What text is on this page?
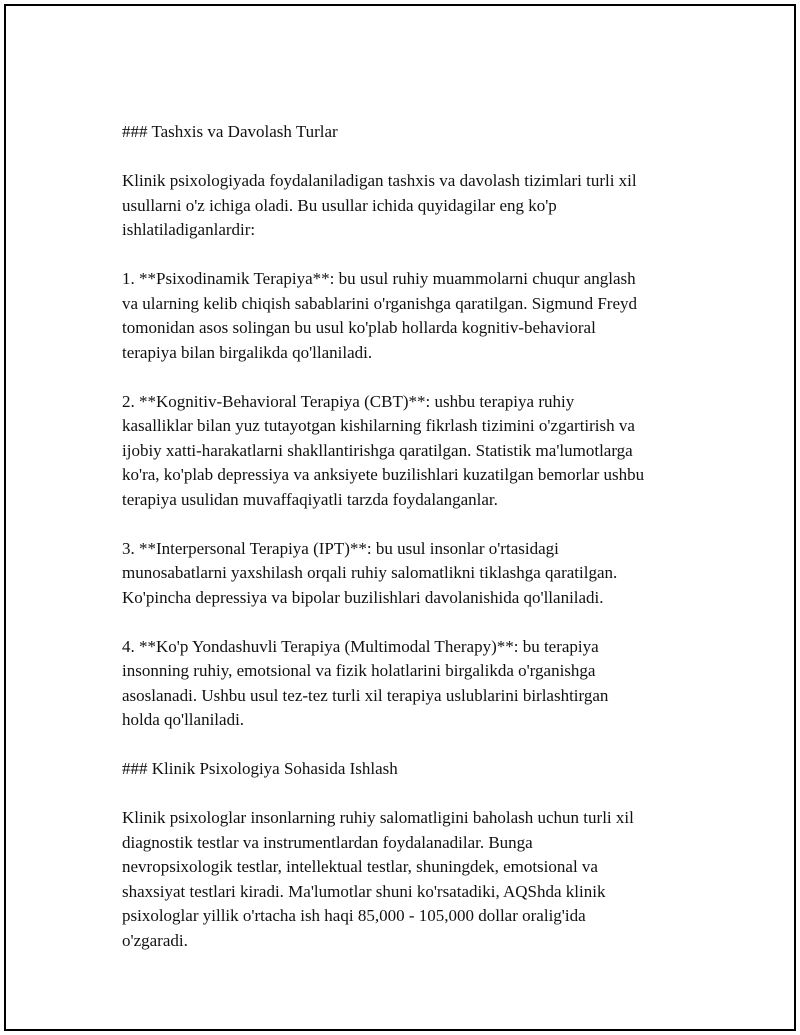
### Tashxis va Davolash Turlar

Klinik psixologiyada foydalaniladigan tashxis va davolash tizimlari turli xil
usullarni o'z ichiga oladi. Bu usullar ichida quyidagilar eng ko'p
ishlatiladiganlardir:

1. **Psixodinamik Terapiya**: bu usul ruhiy muammolarni chuqur anglash
va ularning kelib chiqish sabablarini o'rganishga qaratilgan. Sigmund Freyd
tomonidan asos solingan bu usul ko'plab hollarda kognitiv-behavioral
terapiya bilan birgalikda qo'llaniladi.

2. **Kognitiv-Behavioral Terapiya (CBT)**: ushbu terapiya ruhiy
kasalliklar bilan yuz tutayotgan kishilarning fikrlash tizimini o'zgartirish va
ijobiy xatti-harakatlarni shakllantirishga qaratilgan. Statistik ma'lumotlarga
ko'ra, ko'plab depressiya va anksiyete buzilishlari kuzatilgan bemorlar ushbu
terapiya usulidan muvaffaqiyatli tarzda foydalanganlar.

3. **Interpersonal Terapiya (IPT)**: bu usul insonlar o'rtasidagi
munosabatlarni yaxshilash orqali ruhiy salomatlikni tiklashga qaratilgan.
Ko'pincha depressiya va bipolar buzilishlari davolanishida qo'llaniladi.

4. **Ko'p Yondashuvli Terapiya (Multimodal Therapy)**: bu terapiya
insonning ruhiy, emotsional va fizik holatlarini birgalikda o'rganishga
asoslanadi. Ushbu usul tez-tez turli xil terapiya uslublarini birlashtirgan
holda qo'llaniladi.

### Klinik Psixologiya Sohasida Ishlash

Klinik psixologlar insonlarning ruhiy salomatligini baholash uchun turli xil
diagnostik testlar va instrumentlardan foydalanadilar. Bunga
nevropsixologik testlar, intellektual testlar, shuningdek, emotsional va
shaxsiyat testlari kiradi. Ma'lumotlar shuni ko'rsatadiki, AQShda klinik
psixologlar yillik o'rtacha ish haqi 85,000 - 105,000 dollar oralig'ida
o'zgaradi.
